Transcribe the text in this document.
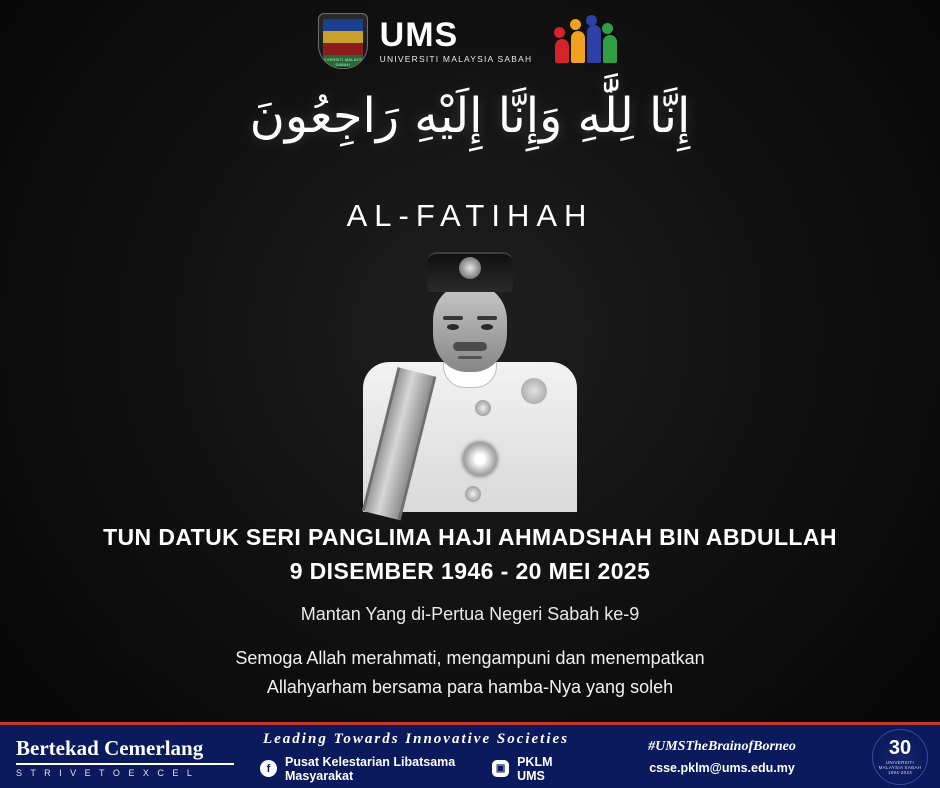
UNIVERSITI MALAYSIA SABAH
UMS
UNIVERSITI MALAYSIA SABAH
إِنَّا لِلَّٰهِ وَإِنَّا إِلَيْهِ رَاجِعُونَ
AL-FATIHAH
TUN DATUK SERI PANGLIMA HAJI AHMADSHAH BIN ABDULLAH
9 DISEMBER 1946 - 20 MEI 2025
Mantan Yang di-Pertua Negeri Sabah ke-9
Semoga Allah merahmati, mengampuni dan menempatkan
Allahyarham bersama para hamba-Nya yang soleh
Bertekad Cemerlang
S T R I V E T O E X C E L
Leading Towards Innovative Societies
f	Pusat Kelestarian Libatsama Masyarakat	▣ PKLM UMS
#UMSTheBrainofBorneo
csse.pklm@ums.edu.my
30
UNIVERSITI MALAYSIA SABAH 1994-2024
